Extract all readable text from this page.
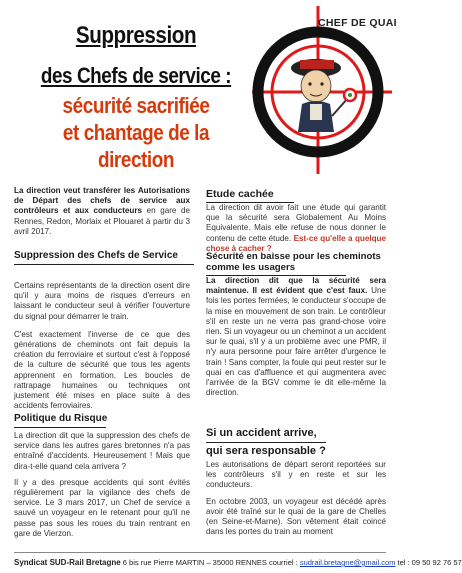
Suppression
des Chefs de service :
sécurité sacrifiée
et chantage de la
direction
CHEF DE QUAI

La direction veut transférer les Autorisations de Départ des chefs de service aux contrôleurs et aux conducteurs en gare de Rennes, Redon, Morlaix et Plouaret à partir du 3 avril 2017.

Suppression des Chefs de Service

Certains représentants de la direction osent dire qu'il y aura moins de risques d'erreurs en laissant le conducteur seul à vérifier l'ouverture du signal pour démarrer le train.

C'est exactement l'inverse de ce que des générations de cheminots ont fait depuis la création du ferroviaire et surtout c'est à l'opposé de la culture de sécurité que tous les agents apprennent en formation. Les boucles de rattrapage humaines ou techniques ont justement été mises en place suite à des accidents ferroviaires.

Politique du Risque

La direction dit que la suppression des chefs de service dans les autres gares bretonnes n'a pas entraîné d'accidents. Heureusement ! Mais que dira-t-elle quand cela arrivera ?

Il y a des presque accidents qui sont évités régulièrement par la vigilance des chefs de service. Le 3 mars 2017, un Chef de service a sauvé un voyageur en le retenant pour qu'il ne passe pas sous les roues du train rentrant en gare de Vierzon.

Etude cachée

La direction dit avoir fait une étude qui garantit que la sécurité sera Globalement Au Moins Equivalente. Mais elle refuse de nous donner le contenu de cette étude. Est-ce qu'elle a quelque chose à cacher ?

Sécurité en baisse pour les cheminots comme les usagers

La direction dit que la sécurité sera maintenue. Il est évident que c'est faux. Une fois les portes fermées, le conducteur s'occupe de la mise en mouvement de son train. Le contrôleur s'il en reste un ne verra pas grand-chose voire rien. Si un voyageur ou un cheminot a un accident sur le quai, s'il y a un problème avec une PMR, il n'y aura personne pour faire arrêter d'urgence le train ! Sans compter, la foule qui peut rester sur le quai en cas d'affluence et qui augmentera avec l'arrivée de la BGV comme le dit elle-même la direction.

Si un accident arrive,
qui sera responsable ?

Les autorisations de départ seront reportées sur les contrôleurs s'il y en reste et sur les conducteurs.

En octobre 2003, un voyageur est décédé après avoir été traîné sur le quai de la gare de Chelles (en Seine-et-Marne). Son vêtement était coincé dans les portes du train au moment

Syndicat SUD-Rail Bretagne 6 bis rue Pierre MARTIN – 35000 RENNES courriel : sudrail.bretagne@gmail.com tel : 09 50 92 76 57
